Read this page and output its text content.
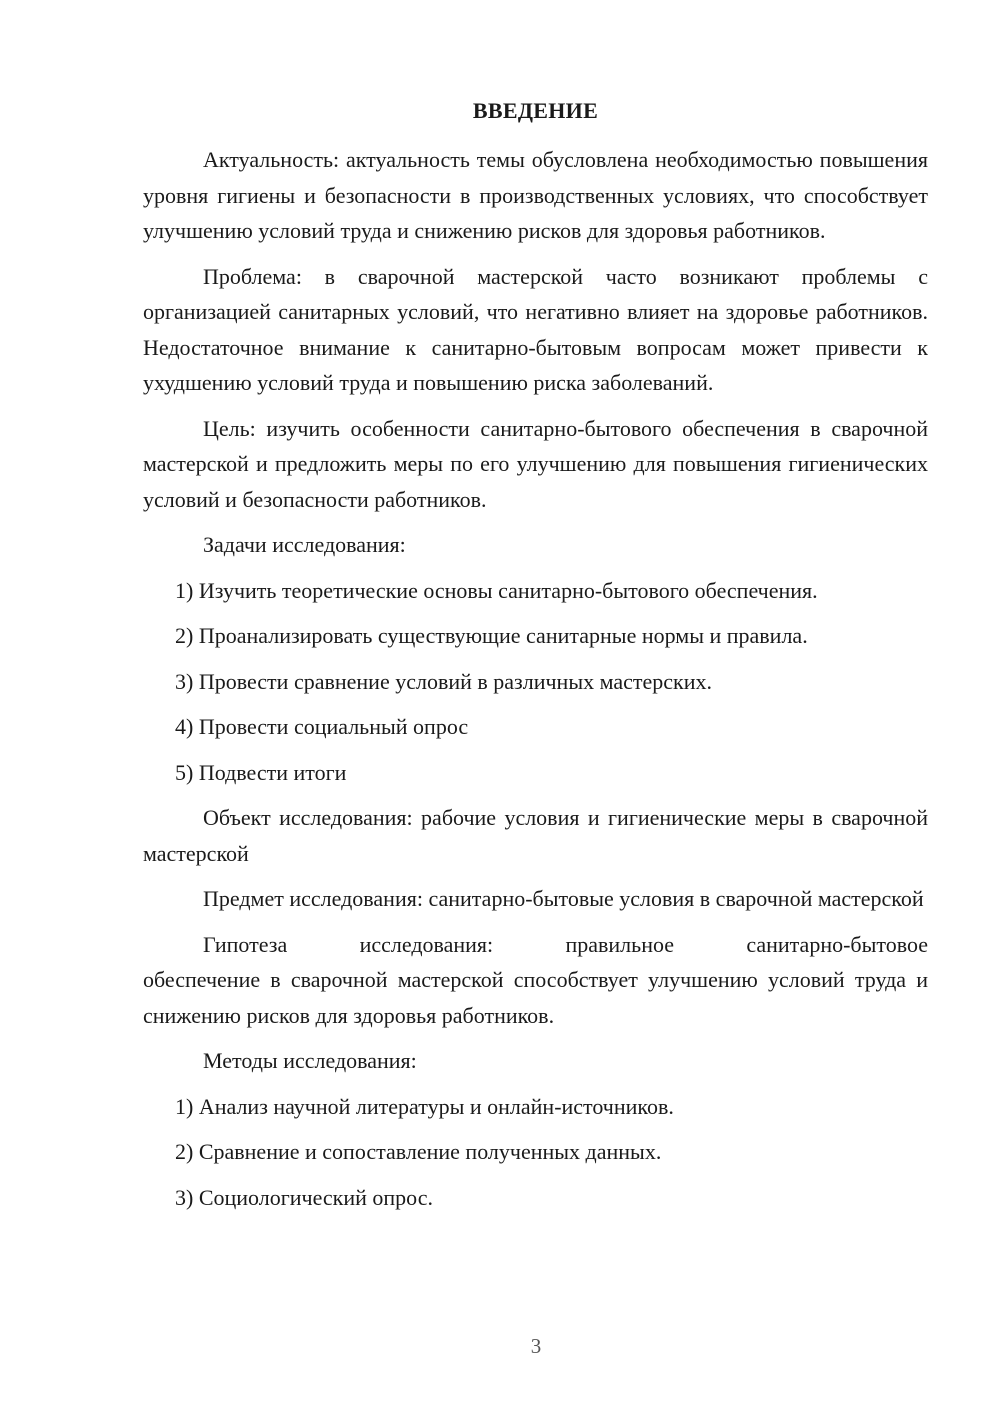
ВВЕДЕНИЕ

Актуальность: актуальность темы обусловлена необходимостью повышения уровня гигиены и безопасности в производственных условиях, что способствует улучшению условий труда и снижению рисков для здоровья работников.

Проблема: в сварочной мастерской часто возникают проблемы с организацией санитарных условий, что негативно влияет на здоровье работников. Недостаточное внимание к санитарно-бытовым вопросам может привести к ухудшению условий труда и повышению риска заболеваний.

Цель: изучить особенности санитарно-бытового обеспечения в сварочной мастерской и предложить меры по его улучшению для повышения гигиенических условий и безопасности работников.

Задачи исследования:
1) Изучить теоретические основы санитарно-бытового обеспечения.
2) Проанализировать существующие санитарные нормы и правила.
3) Провести сравнение условий в различных мастерских.
4) Провести социальный опрос
5) Подвести итоги

Объект исследования: рабочие условия и гигиенические меры в сварочной мастерской

Предмет исследования: санитарно-бытовые условия в сварочной мастерской

Гипотеза исследования: правильное санитарно-бытовое
обеспечение в сварочной мастерской способствует улучшению условий труда и снижению рисков для здоровья работников.

Методы исследования:
1) Анализ научной литературы и онлайн-источников.
2) Сравнение и сопоставление полученных данных.
3) Социологический опрос.
3
